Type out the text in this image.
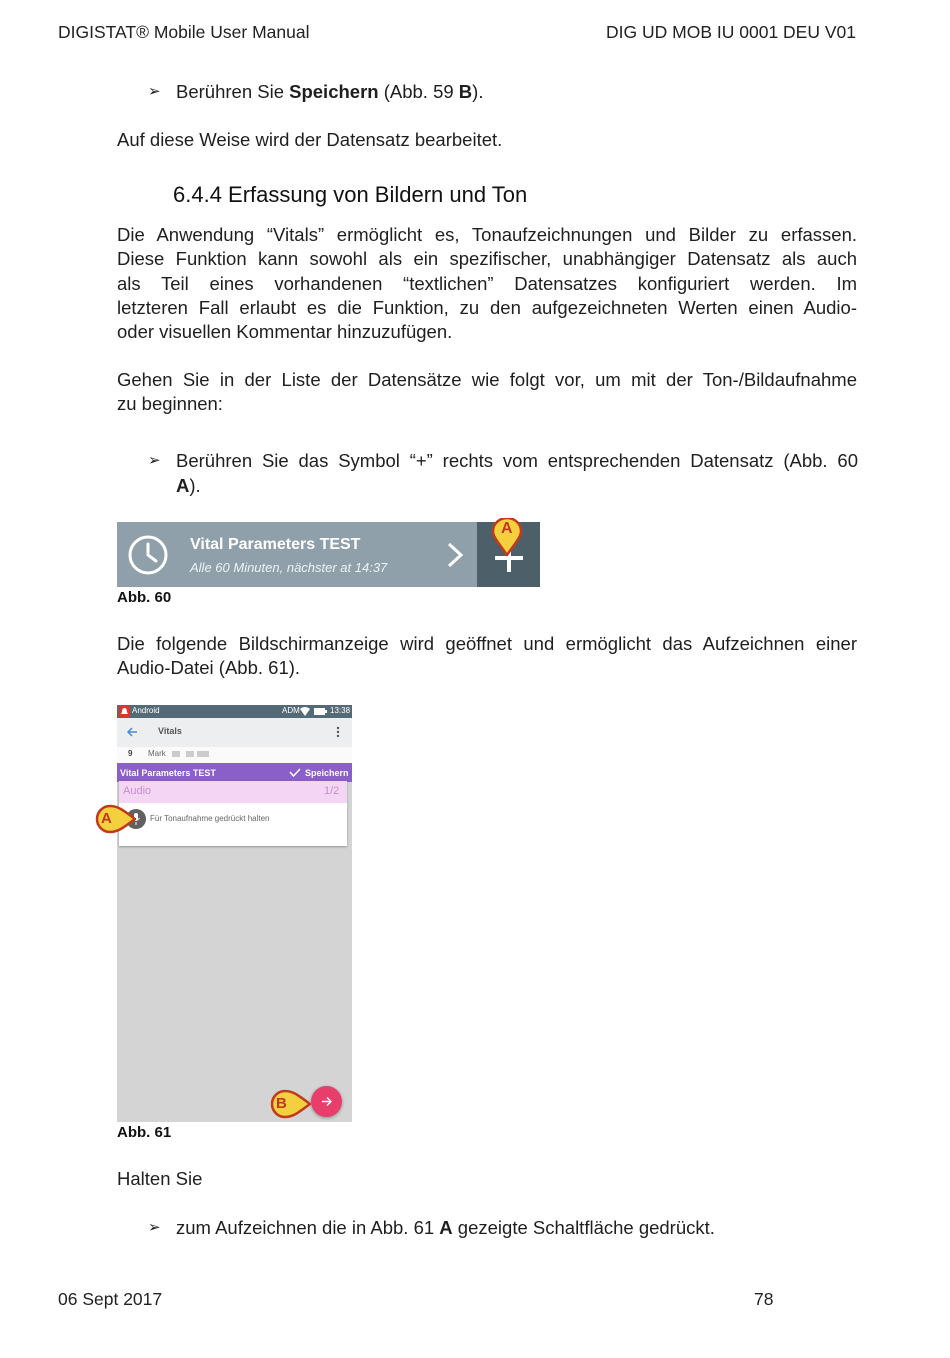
DIGISTAT® Mobile User Manual	DIG UD MOB IU 0001 DEU V01
➢ Berühren Sie Speichern (Abb. 59 B).
Auf diese Weise wird der Datensatz bearbeitet.
6.4.4 Erfassung von Bildern und Ton
Die Anwendung “Vitals” ermöglicht es, Tonaufzeichnungen und Bilder zu erfassen.
Diese Funktion kann sowohl als ein spezifischer, unabhängiger Datensatz als auch
als Teil eines vorhandenen “textlichen” Datensatzes konfiguriert werden. Im
letzteren Fall erlaubt es die Funktion, zu den aufgezeichneten Werten einen Audio-
oder visuellen Kommentar hinzuzufügen.
Gehen Sie in der Liste der Datensätze wie folgt vor, um mit der Ton-/Bildaufnahme
zu beginnen:
➢ Berühren Sie das Symbol “+” rechts vom entsprechenden Datensatz (Abb. 60
A).
Vital Parameters TEST
Alle 60 Minuten, nächster at 14:37
A
Abb. 60
Die folgende Bildschirmanzeige wird geöffnet und ermöglicht das Aufzeichnen einer
Audio-Datei (Abb. 61).
Android	ADM	13:38
Vitals
9 Mark
Vital Parameters TEST	Speichern
Audio	1/2
Für Tonaufnahme gedrückt halten
B
A
Abb. 61
Halten Sie
➢ zum Aufzeichnen die in Abb. 61 A gezeigte Schaltfläche gedrückt.
06 Sept 2017	78
